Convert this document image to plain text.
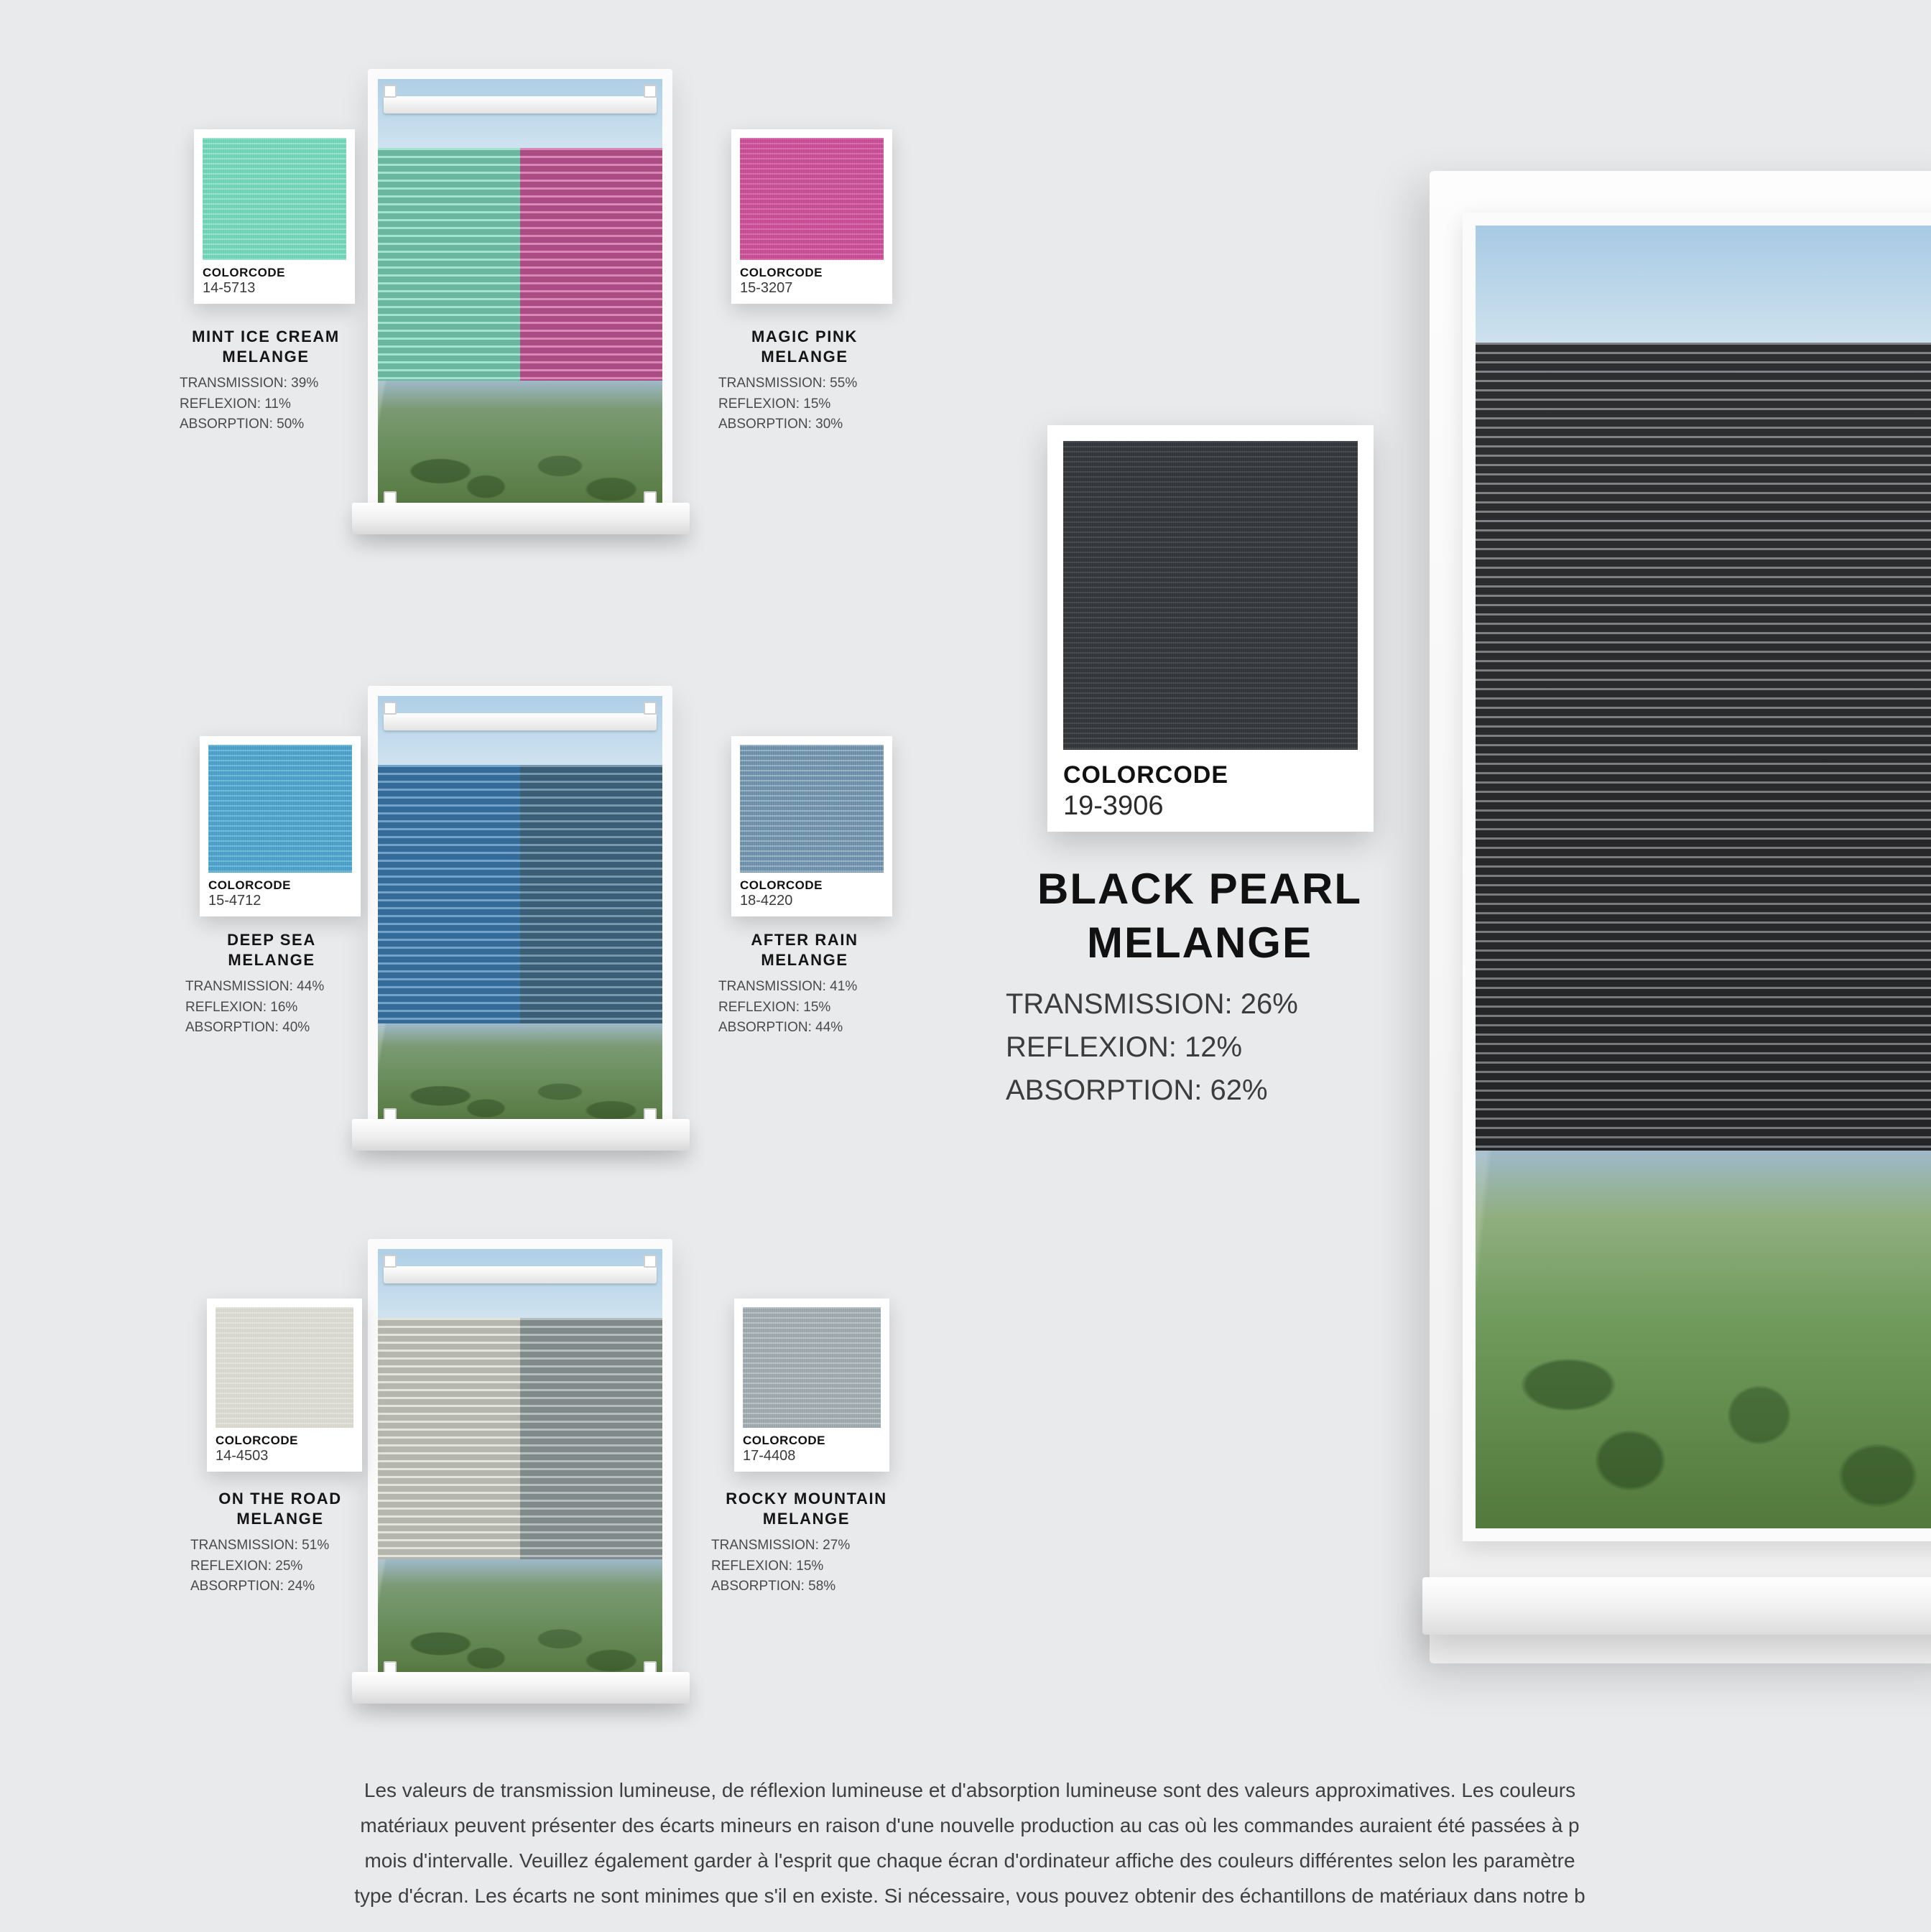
COLORCODE
14-5713
MINT ICE CREAM
MELANGE
TRANSMISSION: 39%
REFLEXION: 11%
ABSORPTION: 50%
COLORCODE
15-3207
MAGIC PINK
MELANGE
TRANSMISSION: 55%
REFLEXION: 15%
ABSORPTION: 30%
COLORCODE
15-4712
DEEP SEA
MELANGE
TRANSMISSION: 44%
REFLEXION: 16%
ABSORPTION: 40%
COLORCODE
18-4220
AFTER RAIN
MELANGE
TRANSMISSION: 41%
REFLEXION: 15%
ABSORPTION: 44%
COLORCODE
14-4503
ON THE ROAD
MELANGE
TRANSMISSION: 51%
REFLEXION: 25%
ABSORPTION: 24%
COLORCODE
17-4408
ROCKY MOUNTAIN
MELANGE
TRANSMISSION: 27%
REFLEXION: 15%
ABSORPTION: 58%
COLORCODE
19-3906
BLACK PEARL
MELANGE
TRANSMISSION: 26%
REFLEXION: 12%
ABSORPTION: 62%

Les valeurs de transmission lumineuse, de réflexion lumineuse et d'absorption lumineuse sont des valeurs approximatives. Les couleurs

matériaux peuvent présenter des écarts mineurs en raison d'une nouvelle production au cas où les commandes auraient été passées à p

mois d'intervalle. Veuillez également garder à l'esprit que chaque écran d'ordinateur affiche des couleurs différentes selon les paramètre

type d'écran. Les écarts ne sont minimes que s'il en existe. Si nécessaire, vous pouvez obtenir des échantillons de matériaux dans notre b
